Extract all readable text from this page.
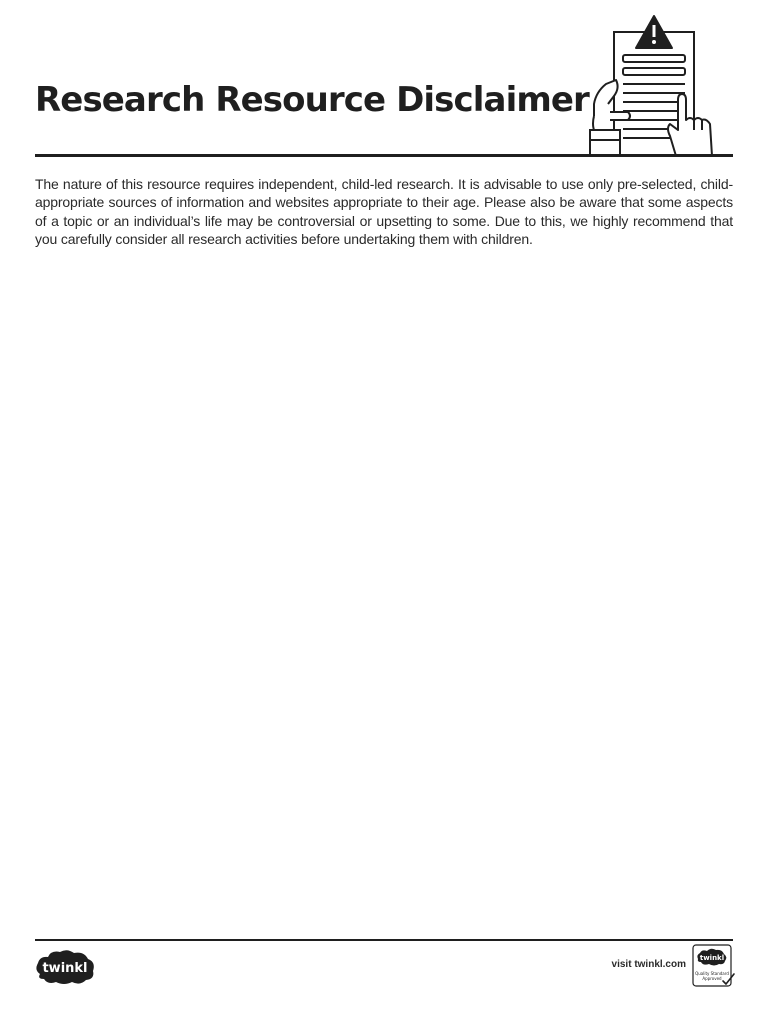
Research Resource Disclaimer

The nature of this resource requires independent, child-led research. It is advisable to use only pre-selected, child-appropriate sources of information and websites appropriate to their age. Please also be aware that some aspects of a topic or an individual’s life may be controversial or upsetting to some. Due to this, we highly recommend that you carefully consider all research activities before undertaking them with children.

twinkl	visit twinkl.com
twinkl
Quality Standard
Approved
